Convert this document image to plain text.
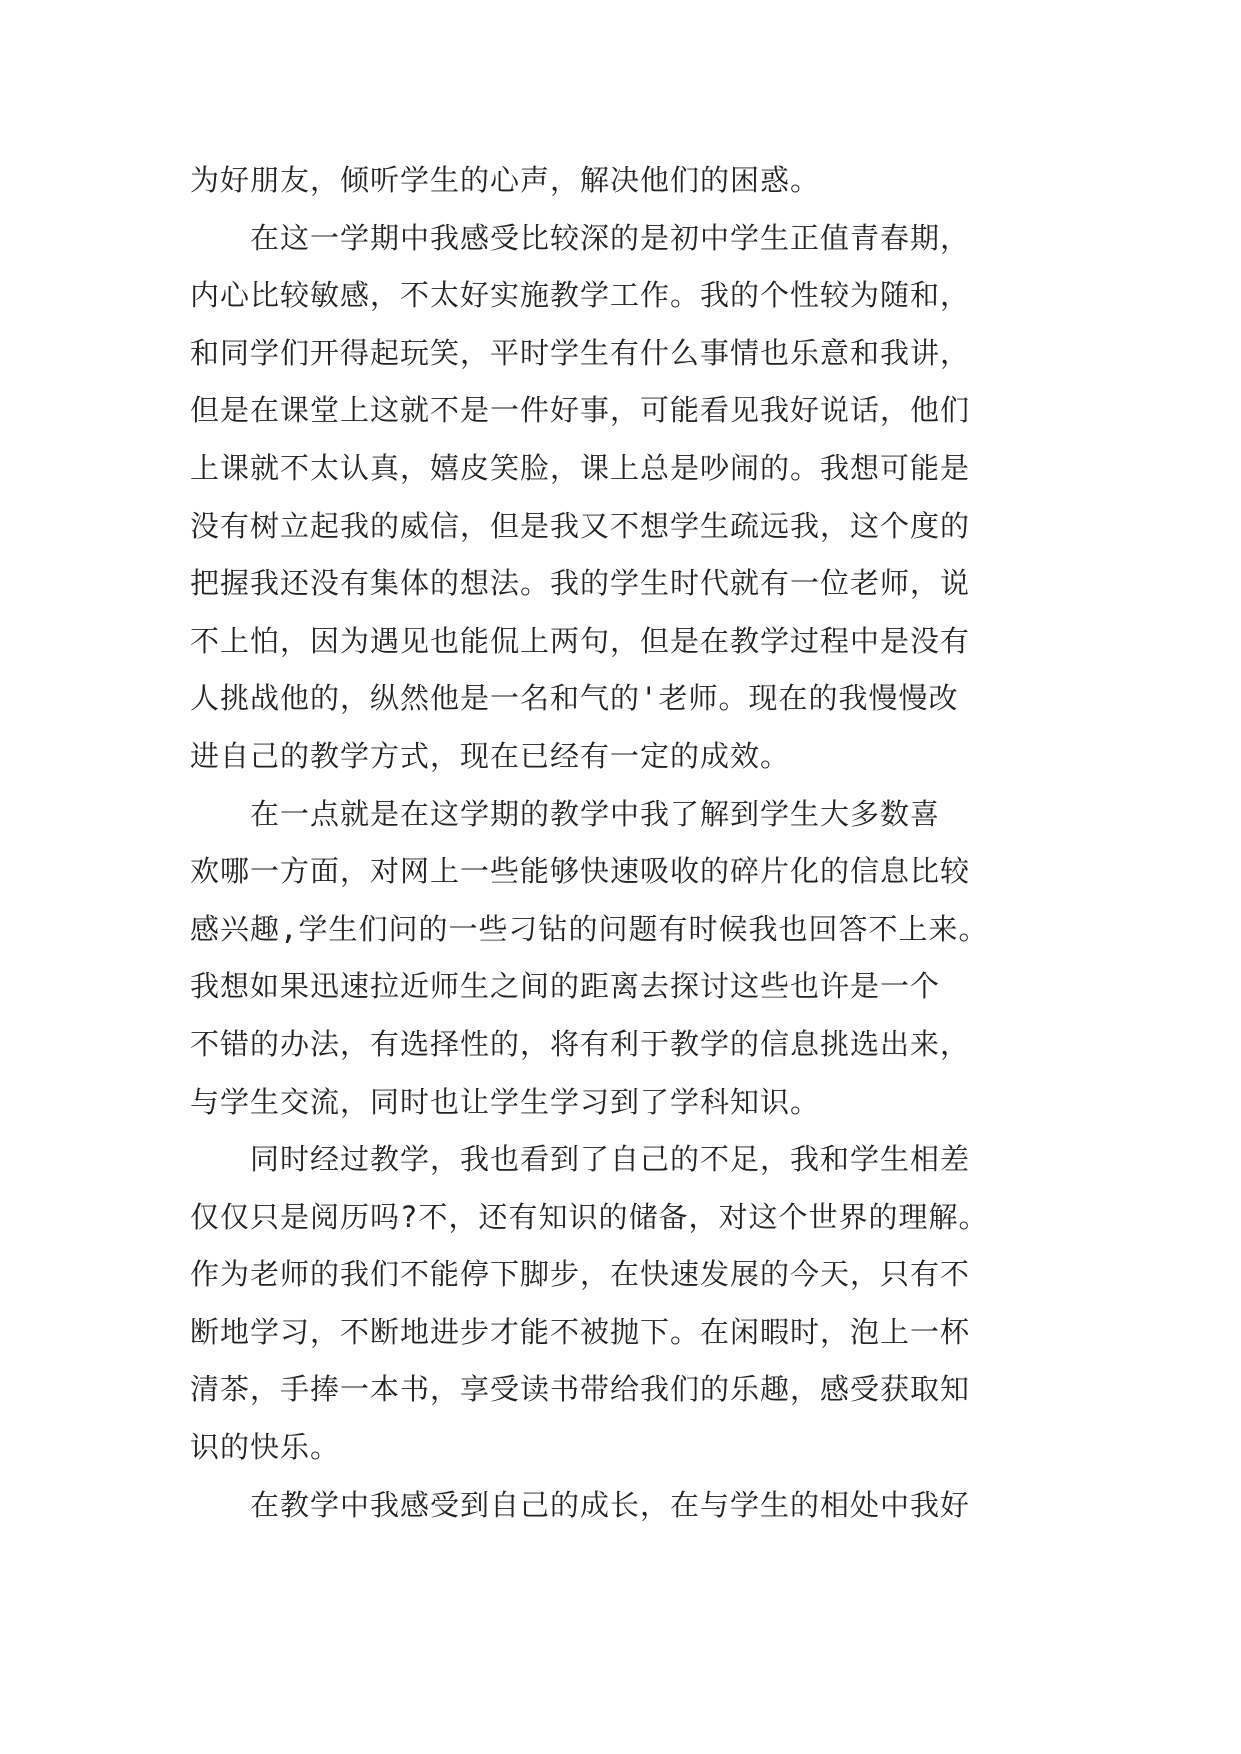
为好朋友，倾听学生的心声，解决他们的困惑。
在这一学期中我感受比较深的是初中学生正值青春期，
内心比较敏感，不太好实施教学工作。我的个性较为随和，
和同学们开得起玩笑，平时学生有什么事情也乐意和我讲，
但是在课堂上这就不是一件好事，可能看见我好说话，他们
上课就不太认真，嬉皮笑脸，课上总是吵闹的。我想可能是
没有树立起我的威信，但是我又不想学生疏远我，这个度的
把握我还没有集体的想法。我的学生时代就有一位老师，说
不上怕，因为遇见也能侃上两句，但是在教学过程中是没有
人挑战他的，纵然他是一名和气的'老师。现在的我慢慢改
进自己的教学方式，现在已经有一定的成效。
在一点就是在这学期的教学中我了解到学生大多数喜
欢哪一方面，对网上一些能够快速吸收的碎片化的信息比较
感兴趣,学生们问的一些刁钻的问题有时候我也回答不上来。
我想如果迅速拉近师生之间的距离去探讨这些也许是一个
不错的办法，有选择性的，将有利于教学的信息挑选出来，
与学生交流，同时也让学生学习到了学科知识。
同时经过教学，我也看到了自己的不足，我和学生相差
仅仅只是阅历吗?不，还有知识的储备，对这个世界的理解。
作为老师的我们不能停下脚步，在快速发展的今天，只有不
断地学习，不断地进步才能不被抛下。在闲暇时，泡上一杯
清茶，手捧一本书，享受读书带给我们的乐趣，感受获取知
识的快乐。
在教学中我感受到自己的成长，在与学生的相处中我好
